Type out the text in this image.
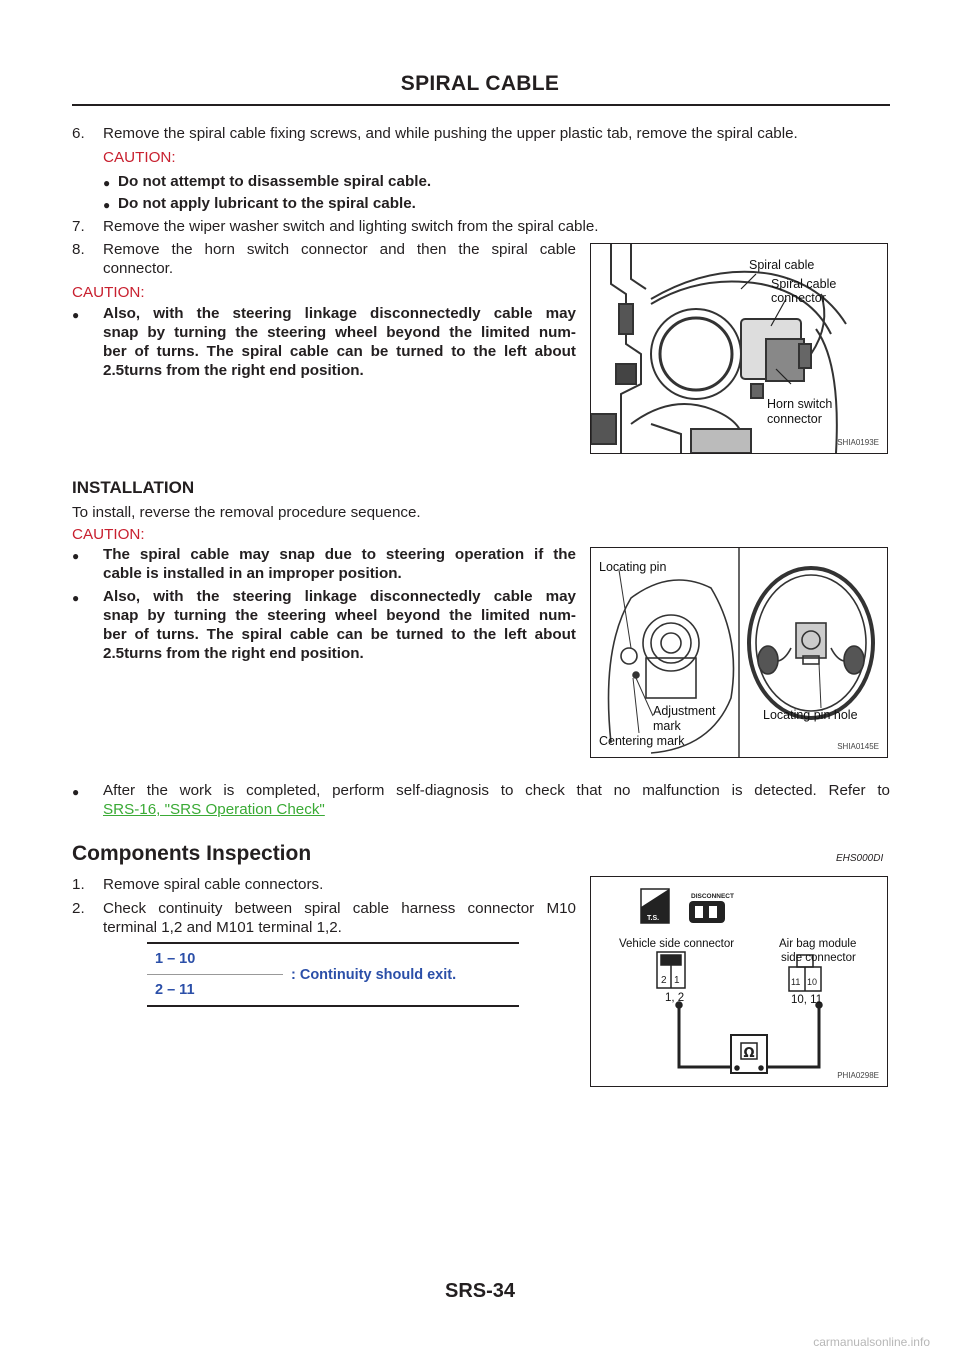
SPIRAL CABLE
6. Remove the spiral cable fixing screws, and while pushing the upper plastic tab, remove the spiral cable.
CAUTION:
● Do not attempt to disassemble spiral cable.
● Do not apply lubricant to the spiral cable.
7. Remove the wiper washer switch and lighting switch from the spiral cable.
8. Remove the horn switch connector and then the spiral cable
connector.
CAUTION:
● Also, with the steering linkage disconnectedly cable may
snap by turning the steering wheel beyond the limited num-
ber of turns. The spiral cable can be turned to the left about
2.5turns from the right end position.
Spiral cable
Spiral cable
connector
Horn switch
connector
SHIA0193E
INSTALLATION
To install, reverse the removal procedure sequence.
CAUTION:
● The spiral cable may snap due to steering operation if the
cable is installed in an improper position.
● Also, with the steering linkage disconnectedly cable may
snap by turning the steering wheel beyond the limited num-
ber of turns. The spiral cable can be turned to the left about
2.5turns from the right end position.
Locating pin
Adjustment
mark
Centering mark
Locating pin hole
SHIA0145E
● After the work is completed, perform self-diagnosis to check that no malfunction is detected. Refer to
SRS-16, "SRS Operation Check"
Components Inspection	EHS000DI
1. Remove spiral cable connectors.
2. Check continuity between spiral cable harness connector M10
terminal 1,2 and M101 terminal 1,2.
1 – 10	: Continuity should exit.
2 – 11
DISCONNECT
T.S.
2 1	11 10
Ω
Vehicle side connector	Air bag module
side connector
1, 2	10, 11
PHIA0298E
SRS-34
carmanualsonline.info
